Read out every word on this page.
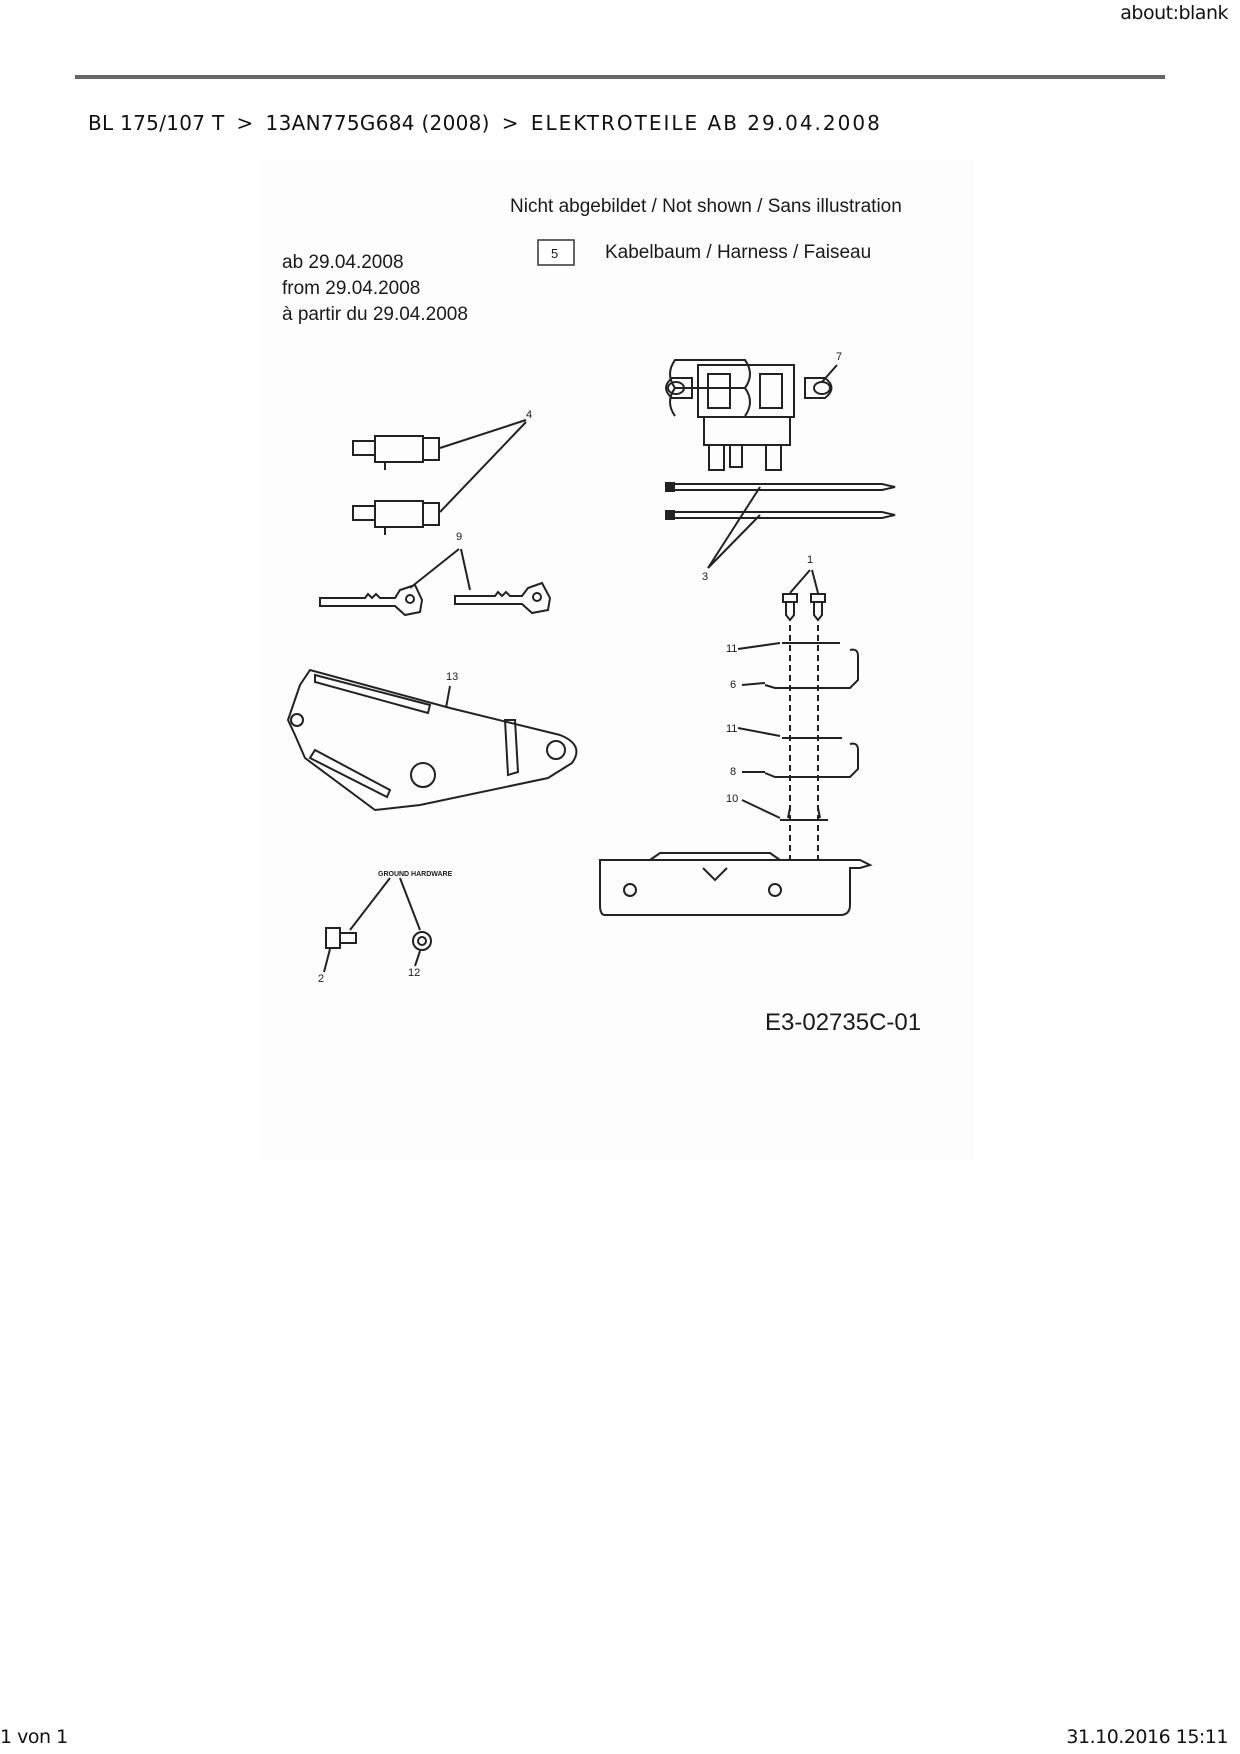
about:blank
BL 175/107 T > 13AN775G684 (2008) > ELEKTROTEILE AB 29.04.2008
Nicht abgebildet / Not shown / Sans illustration
5 Kabelbaum / Harness / Faiseau
ab 29.04.2008
from 29.04.2008
à partir du 29.04.2008
7
4
3
9
1
11
6
11
8
10
13
GROUND HARDWARE
2	12
E3-02735C-01
1 von 1	31.10.2016 15:11
